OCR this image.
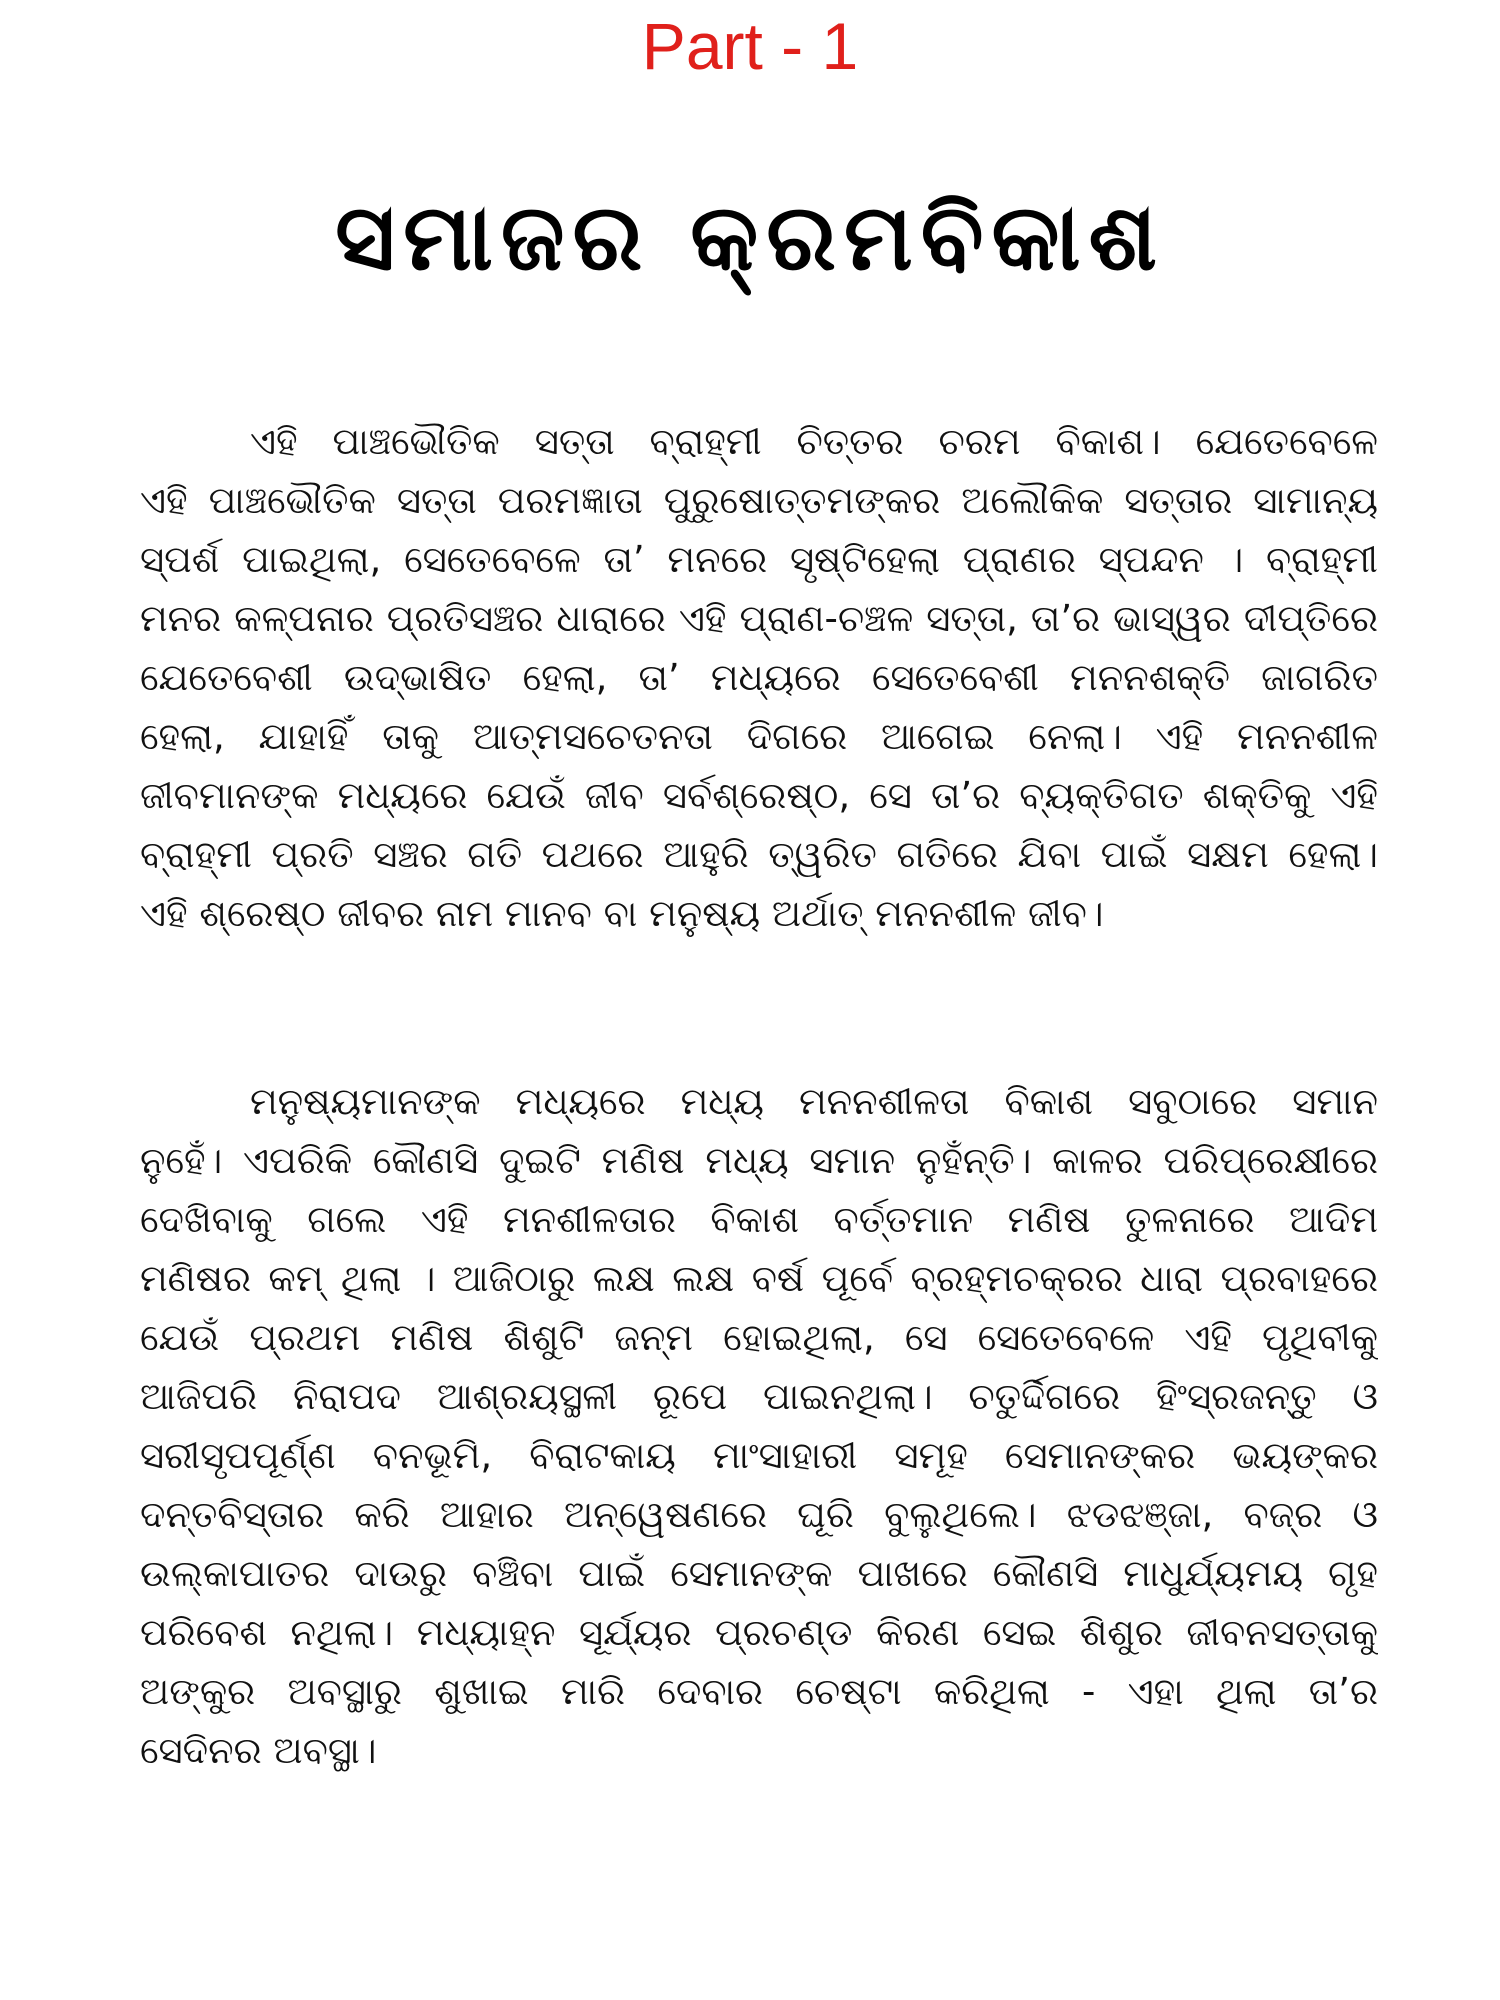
Part - 1
ସମାଜର କ୍ରମବିକାଶ
ଏହି ପାଞ୍ଚଭୌତିକ ସତ୍ତା ବ୍ରାହ୍ମୀ ଚିତ୍ତର ଚରମ ବିକାଶ। ଯେତେବେଳେ
ଏହି ପାଞ୍ଚଭୌତିକ ସତ୍ତା ପରମଜ୍ଞାତା ପୁରୁଷୋତ୍ତମଙ୍କର ଅଲୌକିକ ସତ୍ତାର ସାମାନ୍ୟ
ସ୍ପର୍ଶ ପାଇଥିଲା, ସେତେବେଳେ ତା’ ମନରେ ସୃଷ୍ଟିହେଲା ପ୍ରାଣର ସ୍ପନ୍ଦନ । ବ୍ରାହ୍ମୀ
ମନର କଳ୍ପନାର ପ୍ରତିସଞ୍ଚର ଧାରାରେ ଏହି ପ୍ରାଣ-ଚଞ୍ଚଳ ସତ୍ତା, ତା’ର ଭାସ୍ୱର ଦୀପ୍ତିରେ
ଯେତେବେଶୀ ଉଦ୍‌ଭାଷିତ ହେଲା, ତା’ ମଧ୍ୟରେ ସେତେବେଶୀ ମନନଶକ୍ତି ଜାଗରିତ
ହେଲା, ଯାହାହିଁ ତାକୁ ଆତ୍ମସଚେତନତା ଦିଗରେ ଆଗେଇ ନେଲା। ଏହି ମନନଶୀଳ
ଜୀବମାନଙ୍କ ମଧ୍ୟରେ ଯେଉଁ ଜୀବ ସର୍ବଶ୍ରେଷ୍ଠ, ସେ ତା’ର ବ୍ୟକ୍ତିଗତ ଶକ୍ତିକୁ ଏହି
ବ୍ରାହ୍ମୀ ପ୍ରତି ସଞ୍ଚର ଗତି ପଥରେ ଆହୁରି ତ୍ୱରିତ ଗତିରେ ଯିବା ପାଇଁ ସକ୍ଷମ ହେଲା।
ଏହି ଶ୍ରେଷ୍ଠ ଜୀବର ନାମ ମାନବ ବା ମନୁଷ୍ୟ ଅର୍ଥାତ୍ ମନନଶୀଳ ଜୀବ।
ମନୁଷ୍ୟମାନଙ୍କ ମଧ୍ୟରେ ମଧ୍ୟ ମନନଶୀଳତା ବିକାଶ ସବୁଠାରେ ସମାନ
ନୁହେଁ। ଏପରିକି କୌଣସି ଦୁଇଟି ମଣିଷ ମଧ୍ୟ ସମାନ ନୁହଁନ୍ତି। କାଳର ପରିପ୍ରେକ୍ଷୀରେ
ଦେଖିବାକୁ ଗଲେ ଏହି ମନଶୀଳତାର ବିକାଶ ବର୍ତ୍ତମାନ ମଣିଷ ତୁଳନାରେ ଆଦିମ
ମଣିଷର କମ୍ ଥିଲା । ଆଜିଠାରୁ ଲକ୍ଷ ଲକ୍ଷ ବର୍ଷ ପୂର୍ବେ ବ୍ରହ୍ମଚକ୍ରର ଧାରା ପ୍ରବାହରେ
ଯେଉଁ ପ୍ରଥମ ମଣିଷ ଶିଶୁଟି ଜନ୍ମ ହୋଇଥିଲା, ସେ ସେତେବେଳେ ଏହି ପୃଥିବୀକୁ
ଆଜିପରି ନିରାପଦ ଆଶ୍ରୟସ୍ଥଳୀ ରୂପେ ପାଇନଥିଲା। ଚତୁର୍ଦ୍ଦିଗରେ ହିଂସ୍ରଜନ୍ତୁ ଓ
ସରୀସୃପପୂର୍ଣ୍ଣ ବନଭୂମି, ବିରାଟକାୟ ମାଂସାହାରୀ ସମୂହ ସେମାନଙ୍କର ଭୟଙ୍କର
ଦନ୍ତବିସ୍ତାର କରି ଆହାର ଅନ୍ୱେଷଣରେ ଘୂରି ବୁଲୁଥିଲେ। ଝଡଝଞ୍ଜା, ବଜ୍ର ଓ
ଉଲ୍‌କାପାତର ଦାଉରୁ ବଞ୍ଚିବା ପାଇଁ ସେମାନଙ୍କ ପାଖରେ କୌଣସି ମାଧୁର୍ଯ୍ୟମୟ ଗୃହ
ପରିବେଶ ନଥିଲା। ମଧ୍ୟାହ୍ନ ସୂର୍ଯ୍ୟର ପ୍ରଚଣ୍ଡ କିରଣ ସେଇ ଶିଶୁର ଜୀବନସତ୍ତାକୁ
ଅଙ୍କୁର ଅବସ୍ଥାରୁ ଶୁଖାଇ ମାରି ଦେବାର ଚେଷ୍ଟା କରିଥିଲା - ଏହା ଥିଲା ତା’ର
ସେଦିନର ଅବସ୍ଥା।
